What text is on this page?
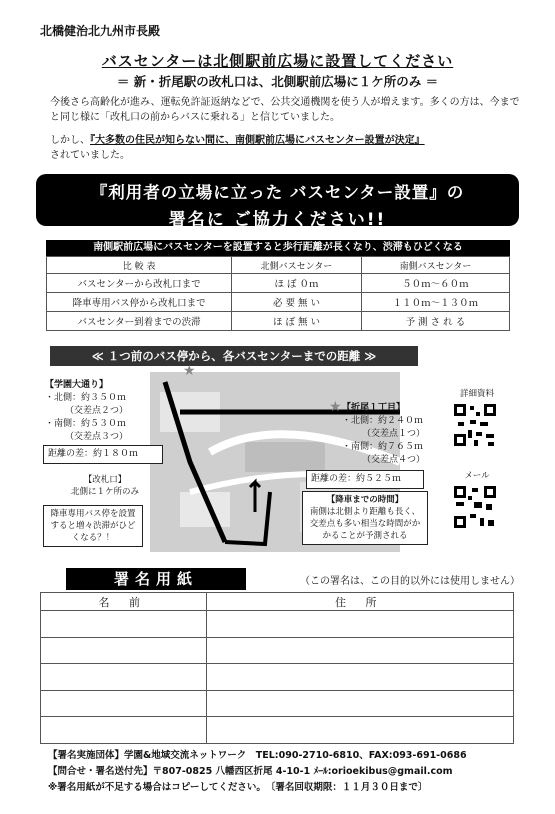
北橋健治北九州市長殿
バスセンターは北側駅前広場に設置してください
＝ 新・折尾駅の改札口は、北側駅前広場に１ケ所のみ ＝
今後さら高齢化が進み、運転免許証返納などで、公共交通機関を使う人が増えます。多くの方は、今までと同じ様に「改札口の前からバスに乗れる」と信じていました。
しかし、『大多数の住民が知らない間に、南側駅前広場にバスセンター設置が決定』
されていました。
『利用者の立場に立った バスセンター設置』の
署名に ご協力ください!!
南側駅前広場にバスセンターを設置すると歩行距離が長くなり、渋滞もひどくなる
比 較 表	北側バスセンター	南側バスセンター
バスセンターから改札口まで	ほ ぼ ０ｍ	５０ｍ～６０ｍ
降車専用バス停から改札口まで	必 要 無 い	１１０ｍ～１３０ｍ
バスセンター到着までの渋滞	ほ ぼ 無 い	予 測 さ れ る
≪ １つ前のバス停から、各バスセンターまでの距離 ≫
★
★
【学園大通り】
・北側：約３５０ｍ
（交差点２つ）
・南側：約５３０ｍ
（交差点３つ）
距離の差：約１８０ｍ
【改札口】
北側に１ケ所のみ
降車専用バス停を設置すると増々渋滞がひどくなる？！
【折尾１丁目】
・北側：約２４０ｍ
（交差点１つ）
・南側：約７６５ｍ
（交差点４つ）
距離の差：約５２５ｍ
【降車までの時間】
南側は北側より距離も長く、交差点も多い相当な時間がかかることが予測される
詳細資料
メール
署名用紙	（この署名は、この目的以外には使用しません）
名 前	住 所

【署名実施団体】学園&地域交流ネットワーク　TEL:090-2710-6810、FAX:093-691-0686
【問合せ・署名送付先】〒807-0825 八幡西区折尾 4-10-1 ﾒｰﾙ:orioekibus@gmail.com
※署名用紙が不足する場合はコピーしてください。　〔署名回収期限：１１月３０日まで〕
